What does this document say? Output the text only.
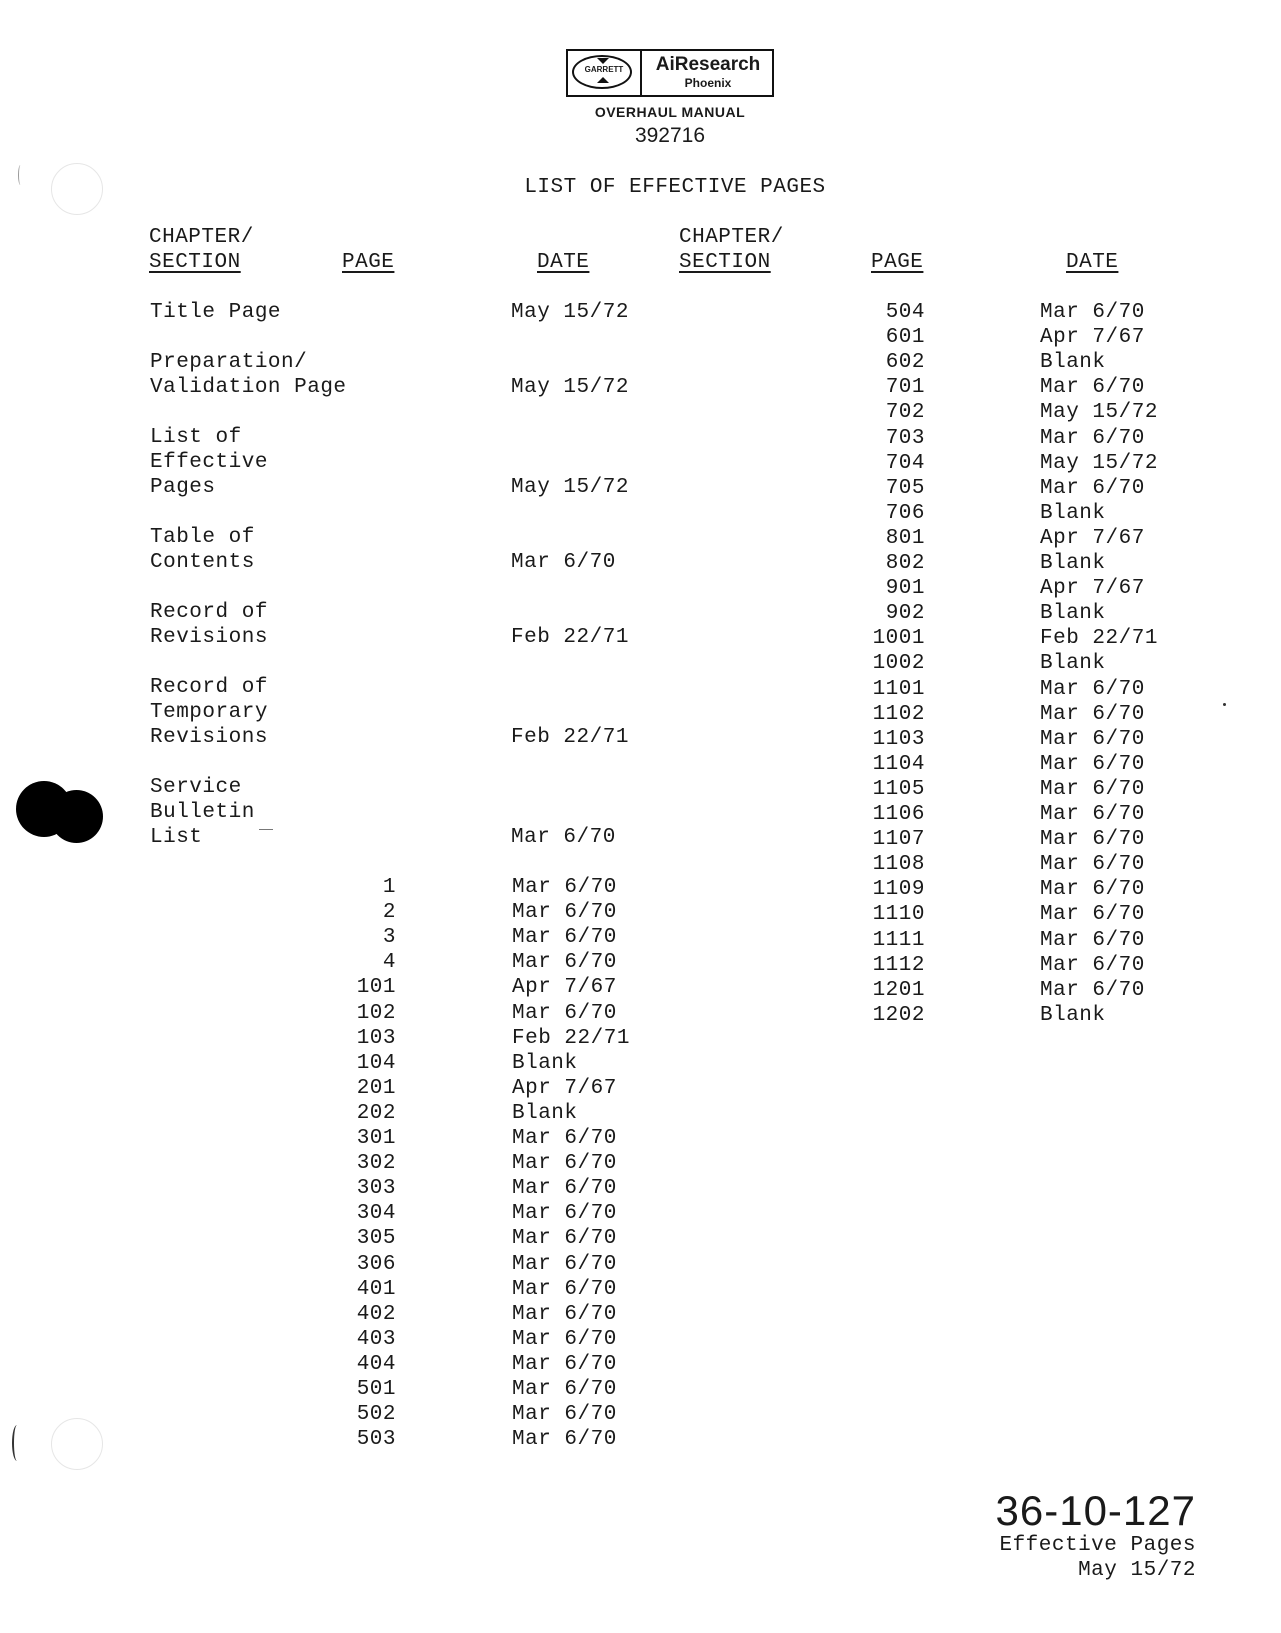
GARRETT	AiResearch
Phoenix
OVERHAUL MANUAL
392716
LIST OF EFFECTIVE PAGES
CHAPTER/
SECTION	PAGE	DATE
CHAPTER/
SECTION	PAGE	DATE
Title Page	May 15/72
Preparation/
Validation Page	May 15/72
List of
Effective
Pages	May 15/72
Table of
Contents	Mar 6/70
Record of
Revisions	Feb 22/71
Record of
Temporary
Revisions	Feb 22/71
Service
Bulletin
List	Mar 6/70
1	Mar 6/70
2	Mar 6/70
3	Mar 6/70
4	Mar 6/70
101	Apr 7/67
102	Mar 6/70
103	Feb 22/71
104	Blank
201	Apr 7/67
202	Blank
301	Mar 6/70
302	Mar 6/70
303	Mar 6/70
304	Mar 6/70
305	Mar 6/70
306	Mar 6/70
401	Mar 6/70
402	Mar 6/70
403	Mar 6/70
404	Mar 6/70
501	Mar 6/70
502	Mar 6/70
503	Mar 6/70
504	Mar 6/70
601	Apr 7/67
602	Blank
701	Mar 6/70
702	May 15/72
703	Mar 6/70
704	May 15/72
705	Mar 6/70
706	Blank
801	Apr 7/67
802	Blank
901	Apr 7/67
902	Blank
1001	Feb 22/71
1002	Blank
1101	Mar 6/70
1102	Mar 6/70
1103	Mar 6/70
1104	Mar 6/70
1105	Mar 6/70
1106	Mar 6/70
1107	Mar 6/70
1108	Mar 6/70
1109	Mar 6/70
1110	Mar 6/70
1111	Mar 6/70
1112	Mar 6/70
1201	Mar 6/70
1202	Blank
36-10-127
Effective Pages
May 15/72
